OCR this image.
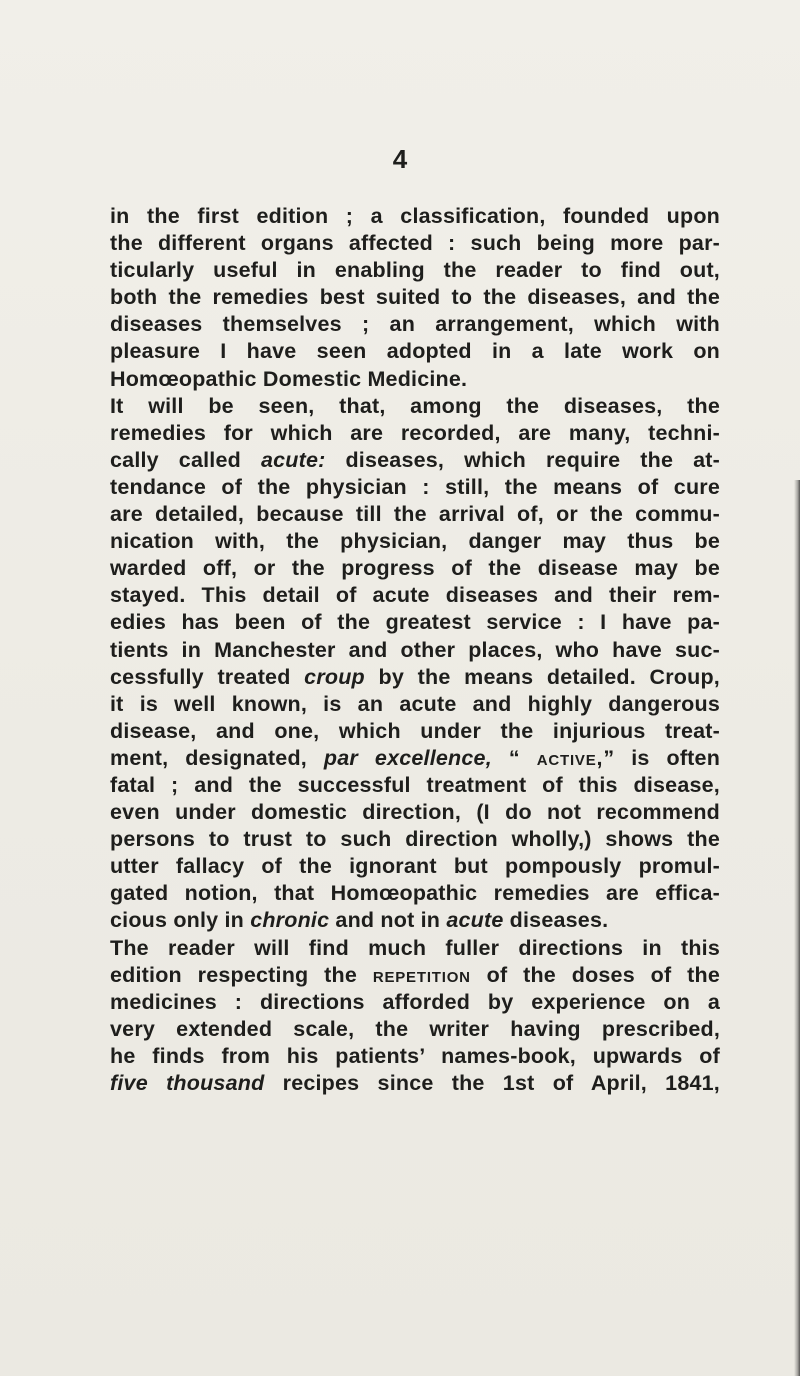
4

in the first edition ; a classification, founded upon
the different organs affected : such being more par-
ticularly useful in enabling the reader to find out,
both the remedies best suited to the diseases, and the
diseases themselves ; an arrangement, which with
pleasure I have seen adopted in a late work on
Homœopathic Domestic Medicine.
It will be seen, that, among the diseases, the
remedies for which are recorded, are many, techni-
cally called acute: diseases, which require the at-
tendance of the physician : still, the means of cure
are detailed, because till the arrival of, or the commu-
nication with, the physician, danger may thus be
warded off, or the progress of the disease may be
stayed. This detail of acute diseases and their rem-
edies has been of the greatest service : I have pa-
tients in Manchester and other places, who have suc-
cessfully treated croup by the means detailed. Croup,
it is well known, is an acute and highly dangerous
disease, and one, which under the injurious treat-
ment, designated, par excellence, “ active,” is often
fatal ; and the successful treatment of this disease,
even under domestic direction, (I do not recommend
persons to trust to such direction wholly,) shows the
utter fallacy of the ignorant but pompously promul-
gated notion, that Homœopathic remedies are effica-
cious only in chronic and not in acute diseases.
The reader will find much fuller directions in this
edition respecting the repetition of the doses of the
medicines : directions afforded by experience on a
very extended scale, the writer having prescribed,
he finds from his patients’ names-book, upwards of
five thousand recipes since the 1st of April, 1841,
